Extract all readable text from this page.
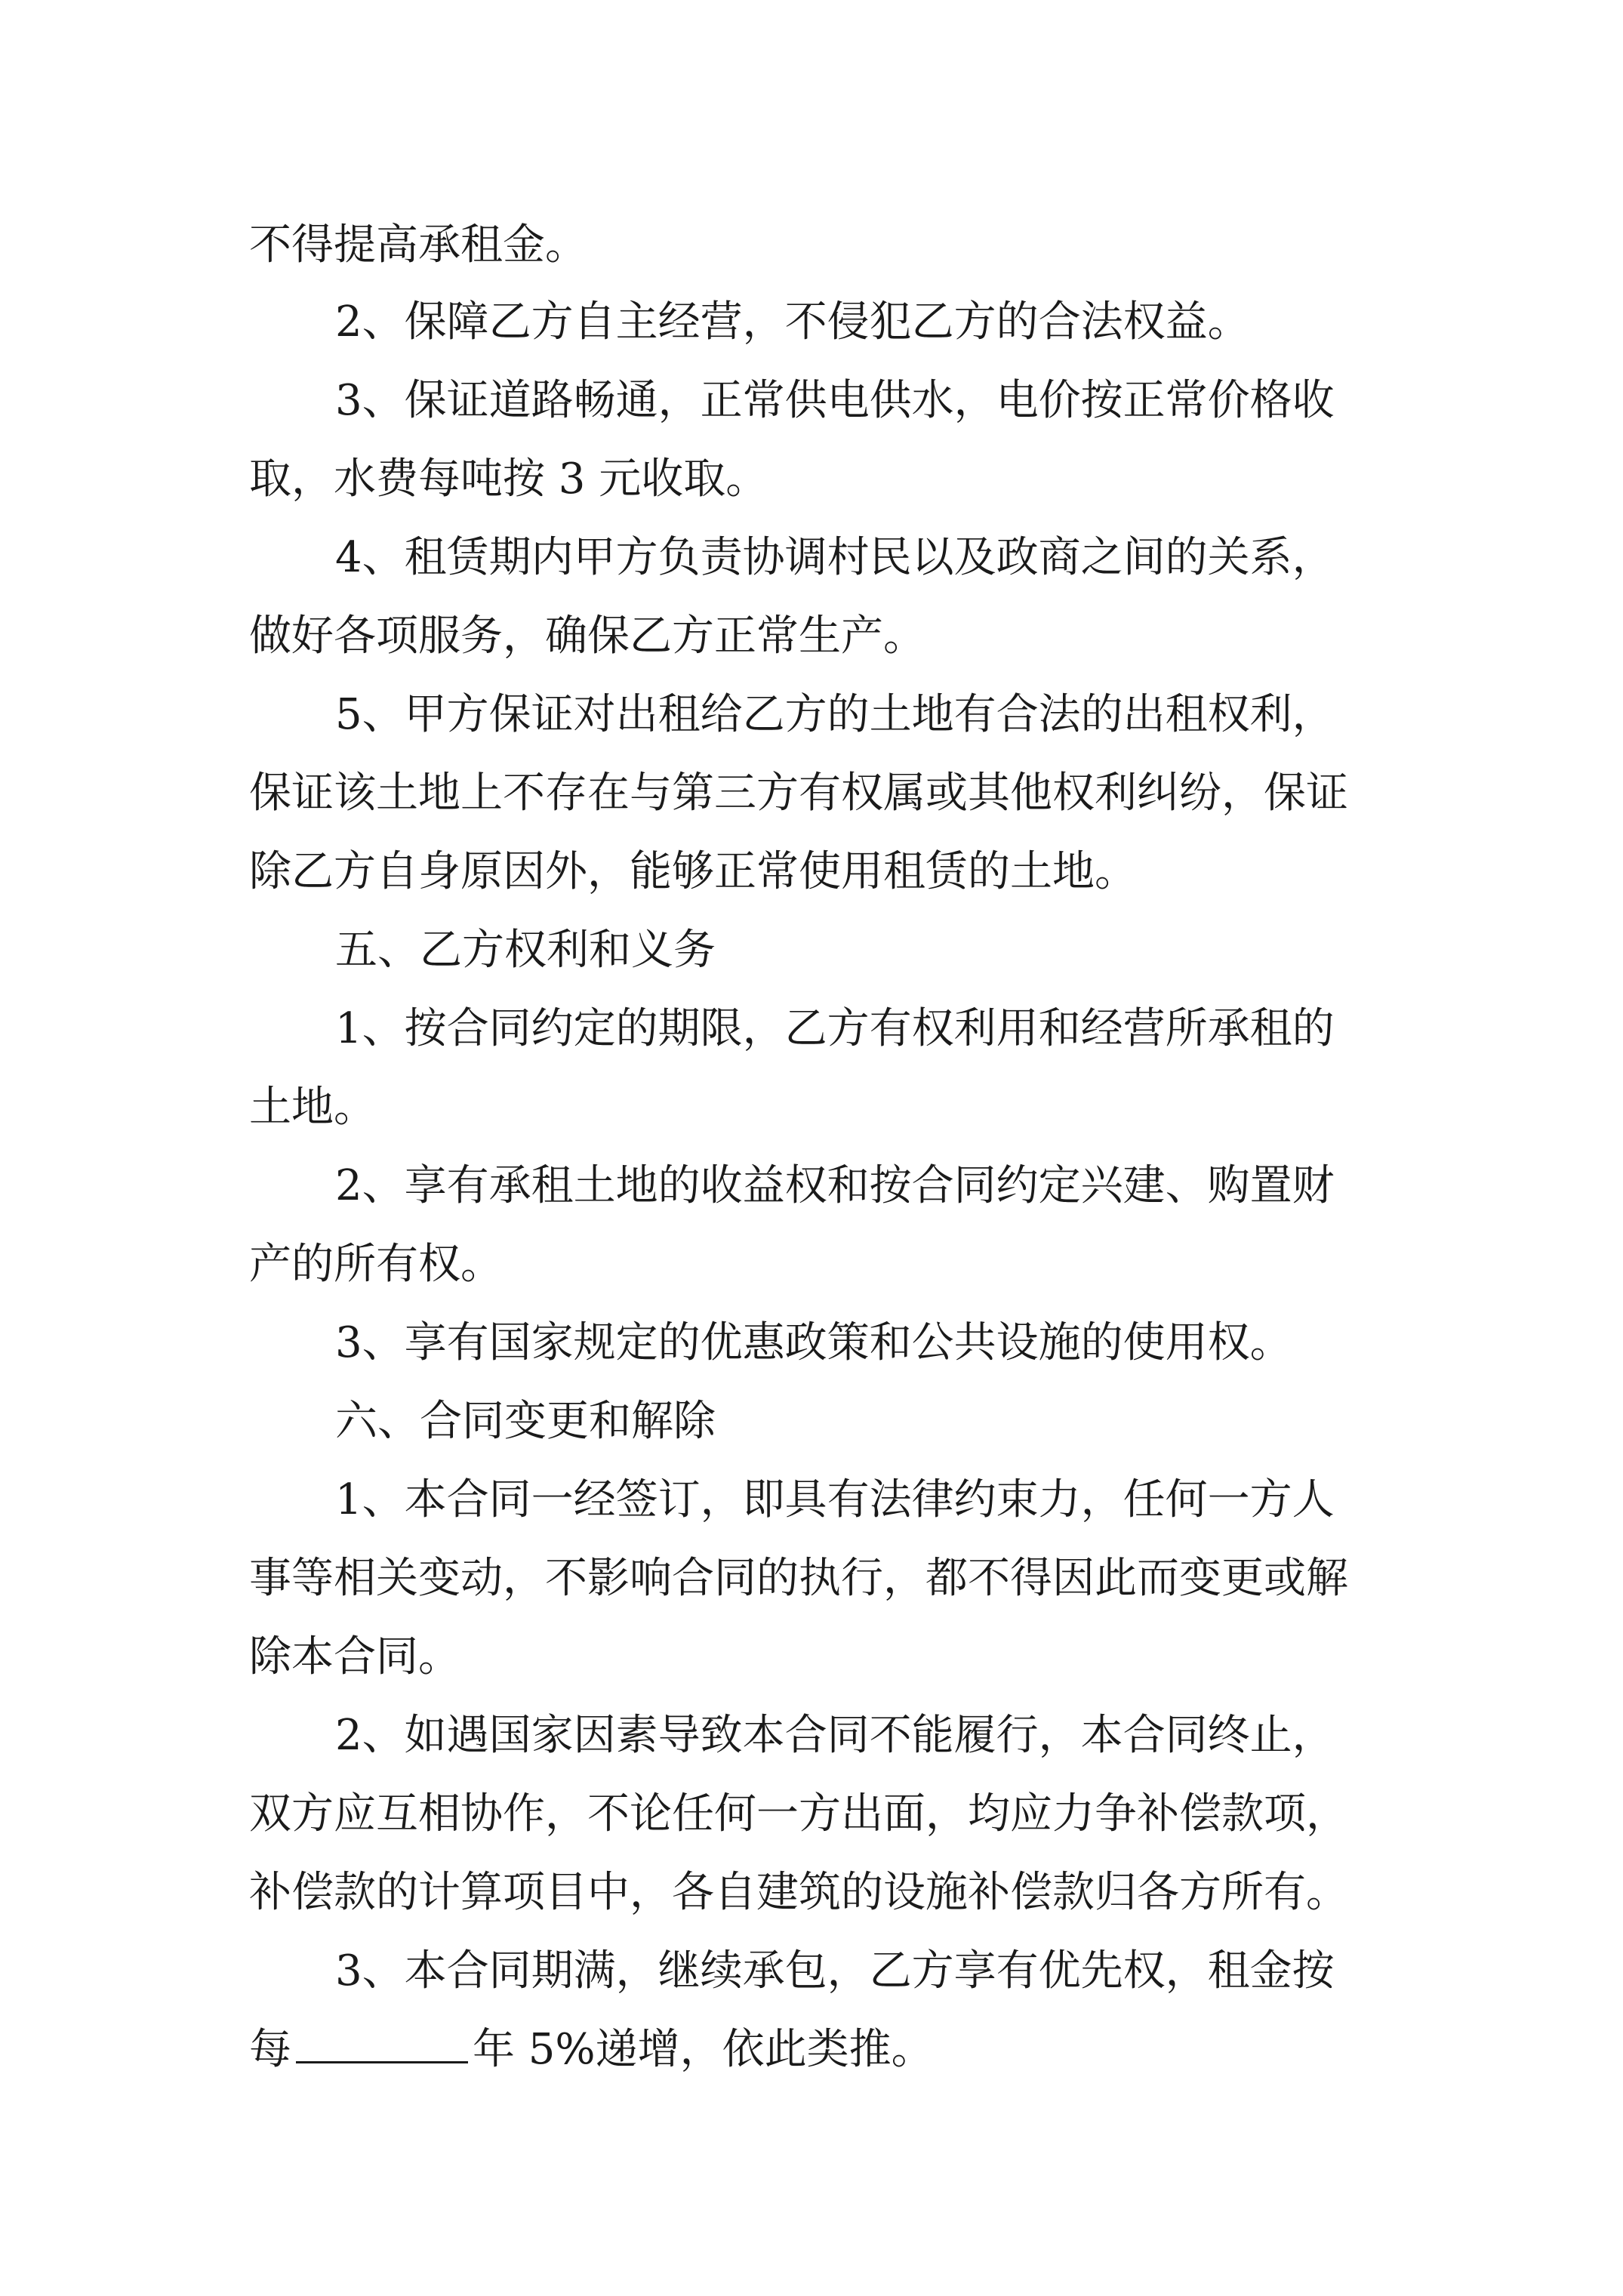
不得提高承租金。

2、保障乙方自主经营，不侵犯乙方的合法权益。

3、保证道路畅通，正常供电供水，电价按正常价格收

取，水费每吨按 3 元收取。

4、租赁期内甲方负责协调村民以及政商之间的关系，

做好各项服务，确保乙方正常生产。

5、甲方保证对出租给乙方的土地有合法的出租权利，

保证该土地上不存在与第三方有权属或其他权利纠纷，保证

除乙方自身原因外，能够正常使用租赁的土地。

五、乙方权利和义务

1、按合同约定的期限，乙方有权利用和经营所承租的

土地。

2、享有承租土地的收益权和按合同约定兴建、购置财

产的所有权。

3、享有国家规定的优惠政策和公共设施的使用权。

六、合同变更和解除

1、本合同一经签订，即具有法律约束力，任何一方人

事等相关变动，不影响合同的执行，都不得因此而变更或解

除本合同。

2、如遇国家因素导致本合同不能履行，本合同终止，

双方应互相协作，不论任何一方出面，均应力争补偿款项，

补偿款的计算项目中，各自建筑的设施补偿款归各方所有。

3、本合同期满，继续承包，乙方享有优先权，租金按

每	年 5%递增，依此类推。
